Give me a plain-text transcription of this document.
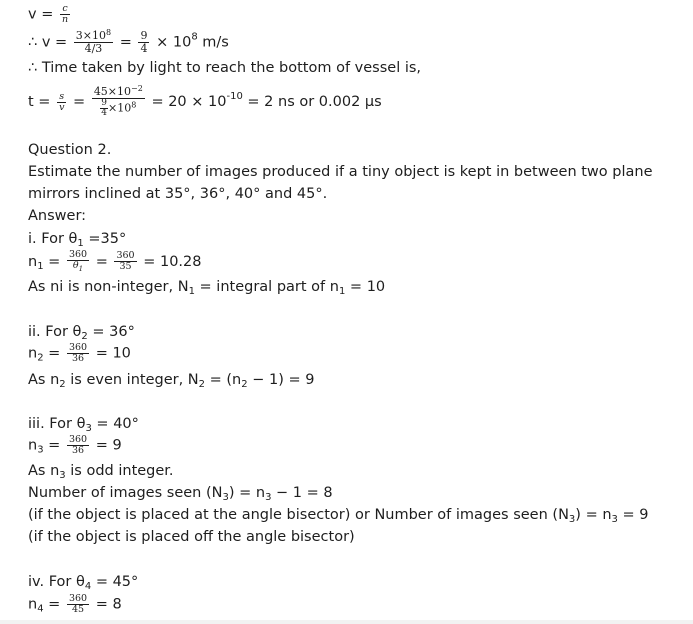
$v = \frac{c}{n}$
∴ $v = \frac{3\times 10^8}{4/3} = \frac{9}{4} \times 10^8$ m/s
∴ Time taken by light to reach the bottom of vessel is,
$t = \frac{s}{v} = \frac{45\times 10^{-2}}{\frac{9}{4}\times 10^8} = 20 \times 10^{-10} = 2$ ns or 0.002 μs
Question 2.
Estimate the number of images produced if a tiny object is kept in between two plane mirrors inclined at 35°, 36°, 40° and 45°.
Answer:
i. For $\theta_1 =35^\circ$
$n_1 = \frac{360}{\theta_1} = \frac{360}{35} = 10.28$
As ni is non-integer, $N_1$ = integral part of $n_1 = 10$
ii. For $\theta_2 = 36^\circ$
$n_2 = \frac{360}{36} = 10$
As $n_2$ is even integer, $N_2 = (n_2 - 1) = 9$
iii. For $\theta_3 = 40^\circ$
$n_3 = \frac{360}{36} = 9$
As $n_3$ is odd integer.
Number of images seen $(N_3) = n_3 - 1 = 8$
(if the object is placed at the angle bisector) or Number of images seen $(N_3) = n_3 = 9$
(if the object is placed off the angle bisector)
iv. For $\theta_4 = 45^\circ$
$n_4 = \frac{360}{45} = 8$
